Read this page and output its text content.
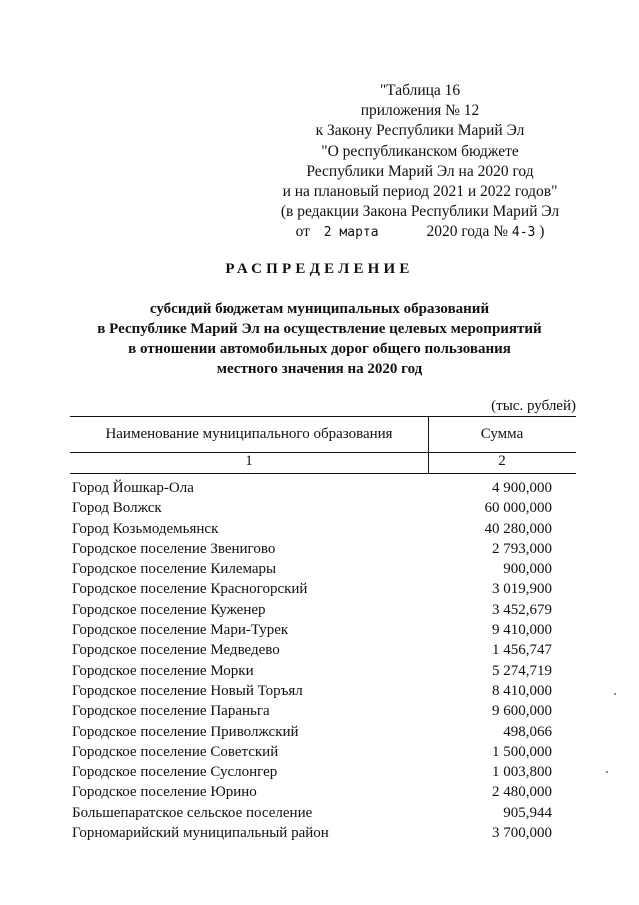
"Таблица 16
приложения № 12
к Закону Республики Марий Эл
"О республиканском бюджете
Республики Марий Эл на 2020 год
и на плановый период 2021 и 2022 годов"
(в редакции Закона Республики Марий Эл
от 2 марта	2020 года № 4-З )
РАСПРЕДЕЛЕНИЕ
субсидий бюджетам муниципальных образований
в Республике Марий Эл на осуществление целевых мероприятий
в отношении автомобильных дорог общего пользования
местного значения на 2020 год
(тыс. рублей)
Наименование муниципального образования	Сумма
1	2
Город Йошкар-Ола	4 900,000
Город Волжск	60 000,000
Город Козьмодемьянск	40 280,000
Городское поселение Звенигово	2 793,000
Городское поселение Килемары	900,000
Городское поселение Красногорский	3 019,900
Городское поселение Куженер	3 452,679
Городское поселение Мари-Турек	9 410,000
Городское поселение Медведево	1 456,747
Городское поселение Морки	5 274,719
Городское поселение Новый Торъял	8 410,000
Городское поселение Параньга	9 600,000
Городское поселение Приволжский	498,066
Городское поселение Советский	1 500,000
Городское поселение Суслонгер	1 003,800
Городское поселение Юрино	2 480,000
Большепаратское сельское поселение	905,944
Горномарийский муниципальный район	3 700,000
